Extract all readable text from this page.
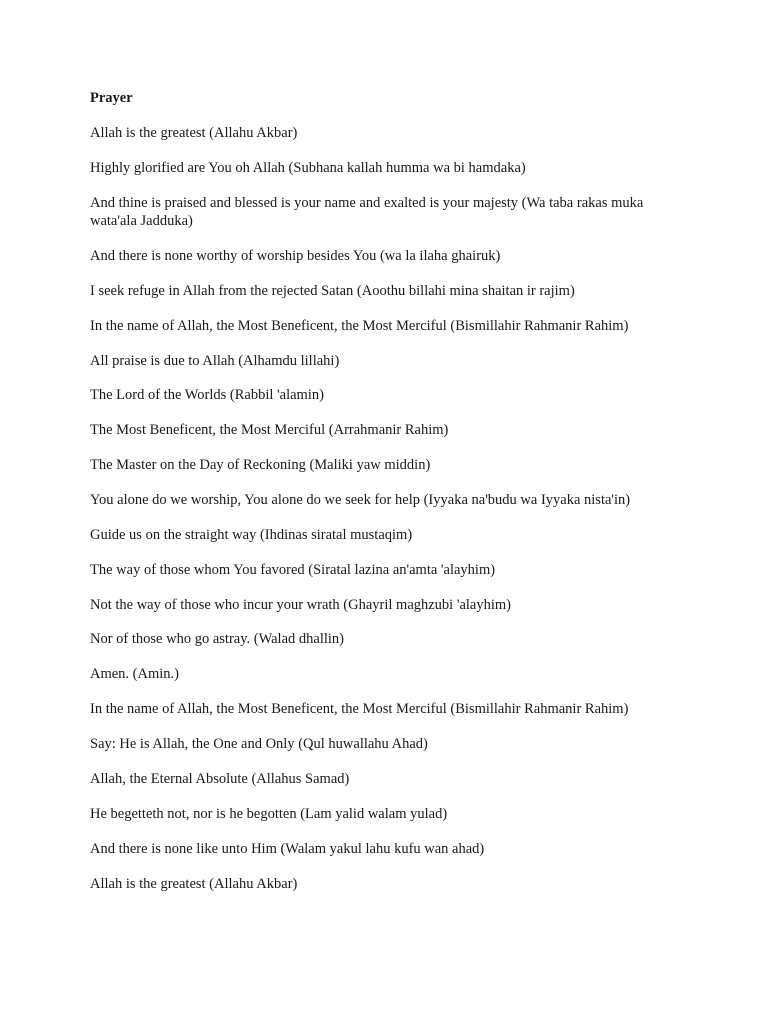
Prayer

Allah is the greatest (Allahu Akbar)

Highly glorified are You oh Allah (Subhana kallah humma wa bi hamdaka)

And thine is praised and blessed is your name and exalted is your majesty (Wa taba rakas muka wata'ala Jadduka)

And there is none worthy of worship besides You (wa la ilaha ghairuk)

I seek refuge in Allah from the rejected Satan (Aoothu billahi mina shaitan ir rajim)

In the name of Allah, the Most Beneficent, the Most Merciful (Bismillahir Rahmanir Rahim)

All praise is due to Allah (Alhamdu lillahi)

The Lord of the Worlds (Rabbil 'alamin)

The Most Beneficent, the Most Merciful (Arrahmanir Rahim)

The Master on the Day of Reckoning (Maliki yaw middin)

You alone do we worship, You alone do we seek for help (Iyyaka na'budu wa Iyyaka nista'in)

Guide us on the straight way (Ihdinas siratal mustaqim)

The way of those whom You favored (Siratal lazina an'amta 'alayhim)

Not the way of those who incur your wrath (Ghayril maghzubi 'alayhim)

Nor of those who go astray. (Walad dhallin)

Amen. (Amin.)

In the name of Allah, the Most Beneficent, the Most Merciful (Bismillahir Rahmanir Rahim)

Say: He is Allah, the One and Only (Qul huwallahu Ahad)

Allah, the Eternal Absolute (Allahus Samad)

He begetteth not, nor is he begotten (Lam yalid walam yulad)

And there is none like unto Him (Walam yakul lahu kufu wan ahad)

Allah is the greatest (Allahu Akbar)
